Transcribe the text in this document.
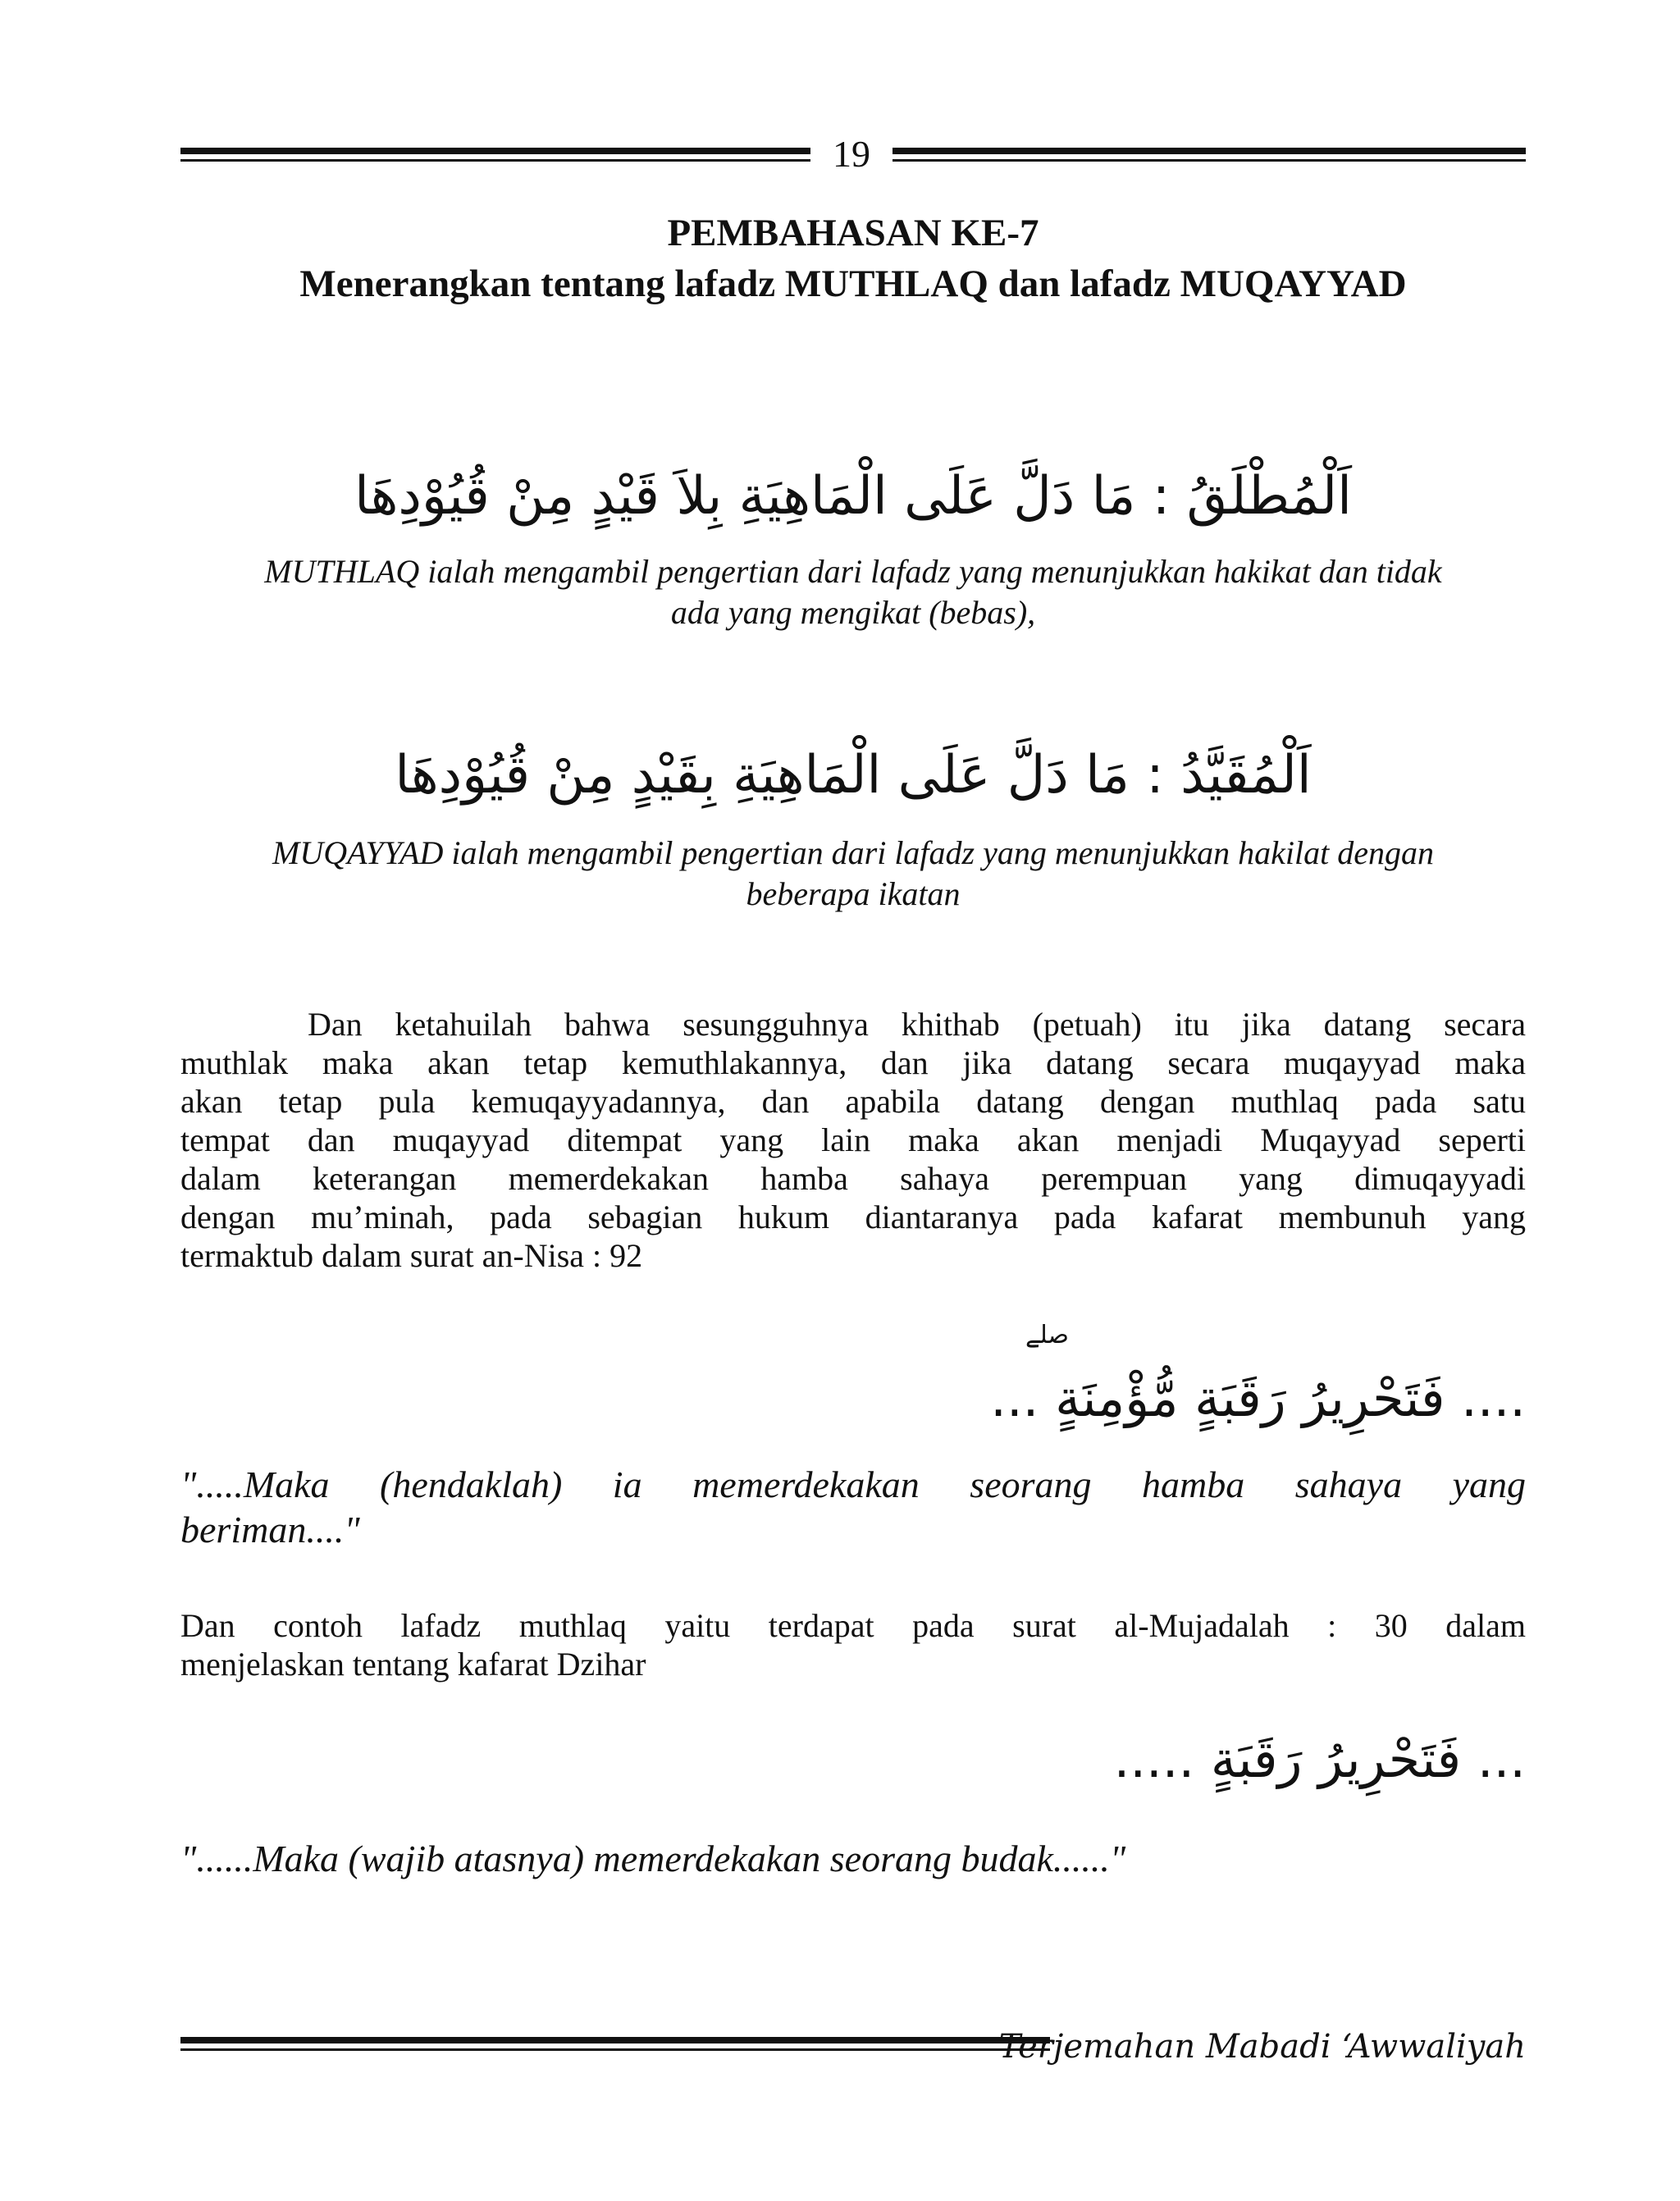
19
PEMBAHASAN KE-7
Menerangkan tentang lafadz MUTHLAQ dan lafadz MUQAYYAD
اَلْمُطْلَقُ : مَا دَلَّ عَلَى الْمَاهِيَةِ بِلاَ قَيْدٍ مِنْ قُيُوْدِهَا
MUTHLAQ ialah mengambil pengertian dari lafadz yang menunjukkan hakikat dan tidak
ada yang mengikat (bebas),
اَلْمُقَيَّدُ : مَا دَلَّ عَلَى الْمَاهِيَةِ بِقَيْدٍ مِنْ قُيُوْدِهَا
MUQAYYAD ialah mengambil pengertian dari lafadz yang menunjukkan hakilat dengan
beberapa ikatan
Dan ketahuilah bahwa sesungguhnya khithab (petuah) itu jika datang secara
muthlak maka akan tetap kemuthlakannya, dan jika datang secara muqayyad maka
akan tetap pula kemuqayyadannya, dan apabila datang dengan muthlaq pada satu
tempat dan muqayyad ditempat yang lain maka akan menjadi Muqayyad seperti
dalam keterangan memerdekakan hamba sahaya perempuan yang dimuqayyadi
dengan mu’minah, pada sebagian hukum diantaranya pada kafarat membunuh yang
termaktub dalam surat an-Nisa : 92
صلے
.... فَتَحْرِيرُ رَقَبَةٍ مُّؤْمِنَةٍ ...
".....Maka (hendaklah) ia memerdekakan seorang hamba sahaya yang
beriman...."
Dan contoh lafadz muthlaq yaitu terdapat pada surat al-Mujadalah : 30 dalam
menjelaskan tentang kafarat Dzihar
... فَتَحْرِيرُ رَقَبَةٍ .....
"......Maka (wajib atasnya) memerdekakan seorang budak......"
Terjemahan Mabadi ‘Awwaliyah
